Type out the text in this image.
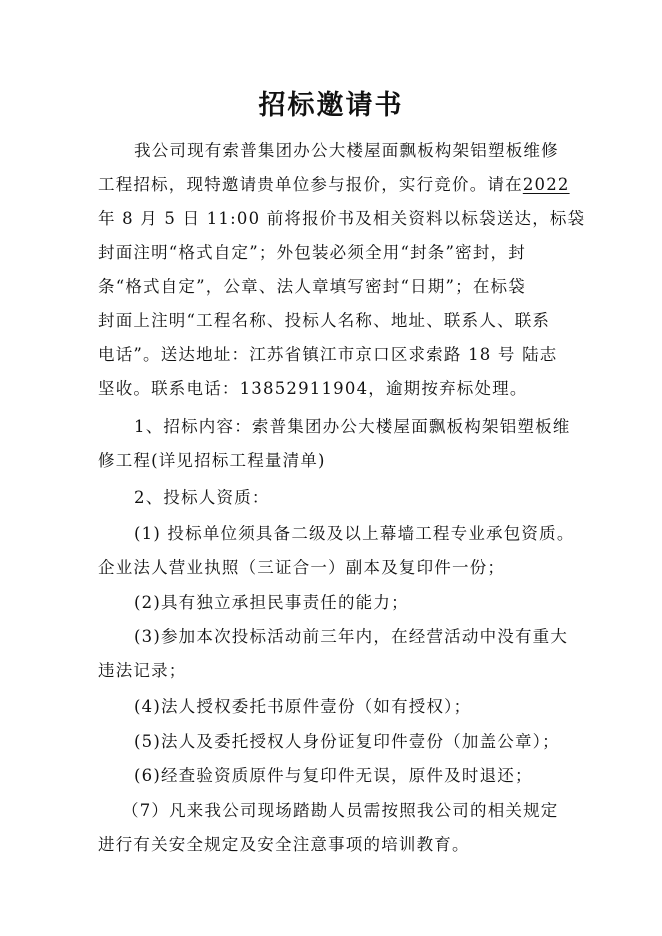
招标邀请书
我公司现有索普集团办公大楼屋面飘板构架铝塑板维修
工程招标，现特邀请贵单位参与报价，实行竞价。请在2022
年 8 月 5 日 11:00 前将报价书及相关资料以标袋送达，标袋
封面注明“格式自定”；外包装必须全用“封条”密封，封
条“格式自定”，公章、法人章填写密封“日期”；在标袋
封面上注明“工程名称、投标人名称、地址、联系人、联系
电话”。送达地址：江苏省镇江市京口区求索路 18 号 陆志
坚收。联系电话：13852911904，逾期按弃标处理。
1、招标内容：索普集团办公大楼屋面飘板构架铝塑板维
修工程(详见招标工程量清单)
2、投标人资质：
(1) 投标单位须具备二级及以上幕墙工程专业承包资质。
企业法人营业执照（三证合一）副本及复印件一份；
(2)具有独立承担民事责任的能力；
(3)参加本次投标活动前三年内，在经营活动中没有重大
违法记录；
(4)法人授权委托书原件壹份（如有授权）；
(5)法人及委托授权人身份证复印件壹份（加盖公章）；
(6)经查验资质原件与复印件无误，原件及时退还；
（7）凡来我公司现场踏勘人员需按照我公司的相关规定
进行有关安全规定及安全注意事项的培训教育。
